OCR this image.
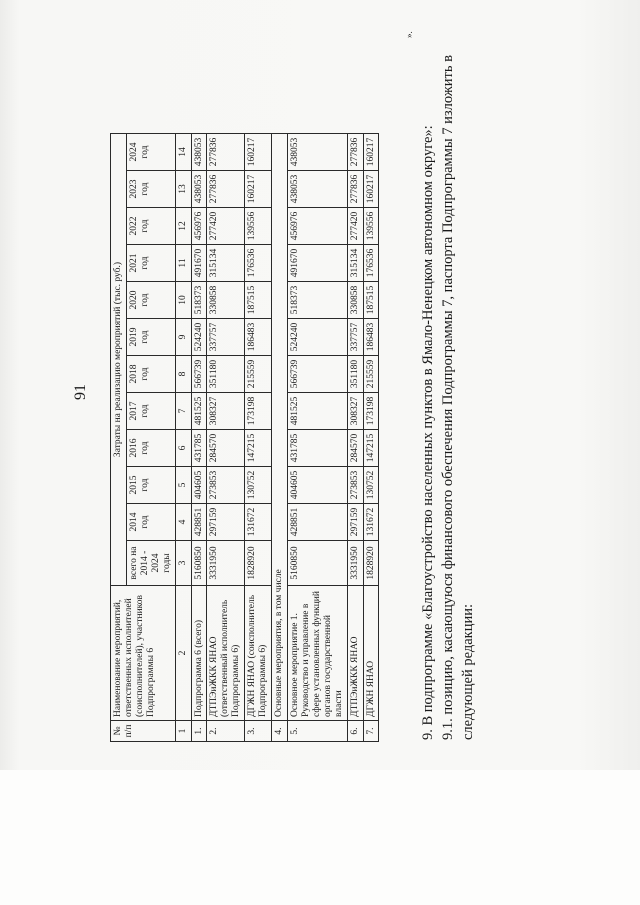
91
№ п/п	Наименование мероприятий, ответственных исполнителей (соисполнителей), участников Подпрограммы 6	Затраты на реализацию мероприятий (тыс. руб.)											
		всего на 2014 - 2024 годы	2014 год	2015 год	2016 год	2017 год	2018 год	2019 год	2020 год	2021 год	2022 год	2023 год	2024 год
1	2	3	4	5	6	7	8	9	10	11	12	13	14
1.	Подпрограмма 6 (всего)	5160850	428851	404605	431785	481525	566739	524240	518373	491670	456976	438053	438053
2.	ДТПЭиЖКК ЯНАО (ответственный исполнитель Подпрограммы 6)	3331950	297159	273853	284570	308327	351180	337757	330858	315134	277420	277836	277836
3.	ДГЖН ЯНАО (соисполнитель Подпрограммы 6)	1828920	131672	130752	147215	173198	215559	186483	187515	176536	139556	160217	160217
4.	Основные мероприятия, в том числе												
5.	Основное мероприятие 1. Руководство и управление в сфере установленных функций органов государственной власти	5160850	428851	404605	431785	481525	566739	524240	518373	491670	456976	438053	438053
6.	ДТПЭиЖКК ЯНАО	3331950	297159	273853	284570	308327	351180	337757	330858	315134	277420	277836	277836
7.	ДГЖН ЯНАО	1828920	131672	130752	147215	173198	215559	186483	187515	176536	139556	160217	160217
».
9. В подпрограмме «Благоустройство населенных пунктов в Ямало-Ненецком автономном округе»: 9.1. позицию, касающуюся финансового обеспечения Подпрограммы 7, паспорта Подпрограммы 7 изложить в следующей редакции:
